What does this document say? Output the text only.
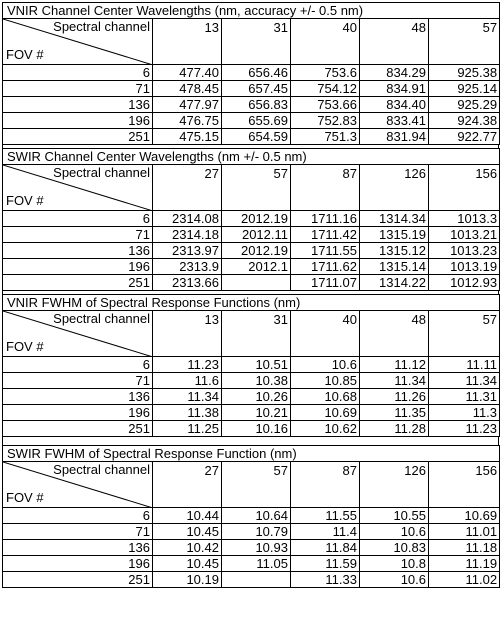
VNIR Channel Center Wavelengths (nm, accuracy +/- 0.5 nm)					

Spectral channel
FOV #	13	31	40	48	57
6	477.40	656.46	753.6	834.29	925.38
71	478.45	657.45	754.12	834.91	925.14
136	477.97	656.83	753.66	834.40	925.29
196	476.75	655.69	752.83	833.41	924.38
251	475.15	654.59	751.3	831.94	922.77
SWIR Channel Center Wavelengths (nm +/- 0.5 nm)					

Spectral channel
FOV #	27	57	87	126	156
6	2314.08	2012.19	1711.16	1314.34	1013.3
71	2314.18	2012.11	1711.42	1315.19	1013.21
136	2313.97	2012.19	1711.55	1315.12	1013.23
196	2313.9	2012.1	1711.62	1315.14	1013.19
251	2313.66		1711.07	1314.22	1012.93
VNIR FWHM of Spectral Response Functions (nm)					

Spectral channel
FOV #	13	31	40	48	57
6	11.23	10.51	10.6	11.12	11.11
71	11.6	10.38	10.85	11.34	11.34
136	11.34	10.26	10.68	11.26	11.31
196	11.38	10.21	10.69	11.35	11.3
251	11.25	10.16	10.62	11.28	11.23
SWIR FWHM of Spectral Response Function (nm)					

Spectral channel
FOV #	27	57	87	126	156
6	10.44	10.64	11.55	10.55	10.69
71	10.45	10.79	11.4	10.6	11.01
136	10.42	10.93	11.84	10.83	11.18
196	10.45	11.05	11.59	10.8	11.19
251	10.19		11.33	10.6	11.02
